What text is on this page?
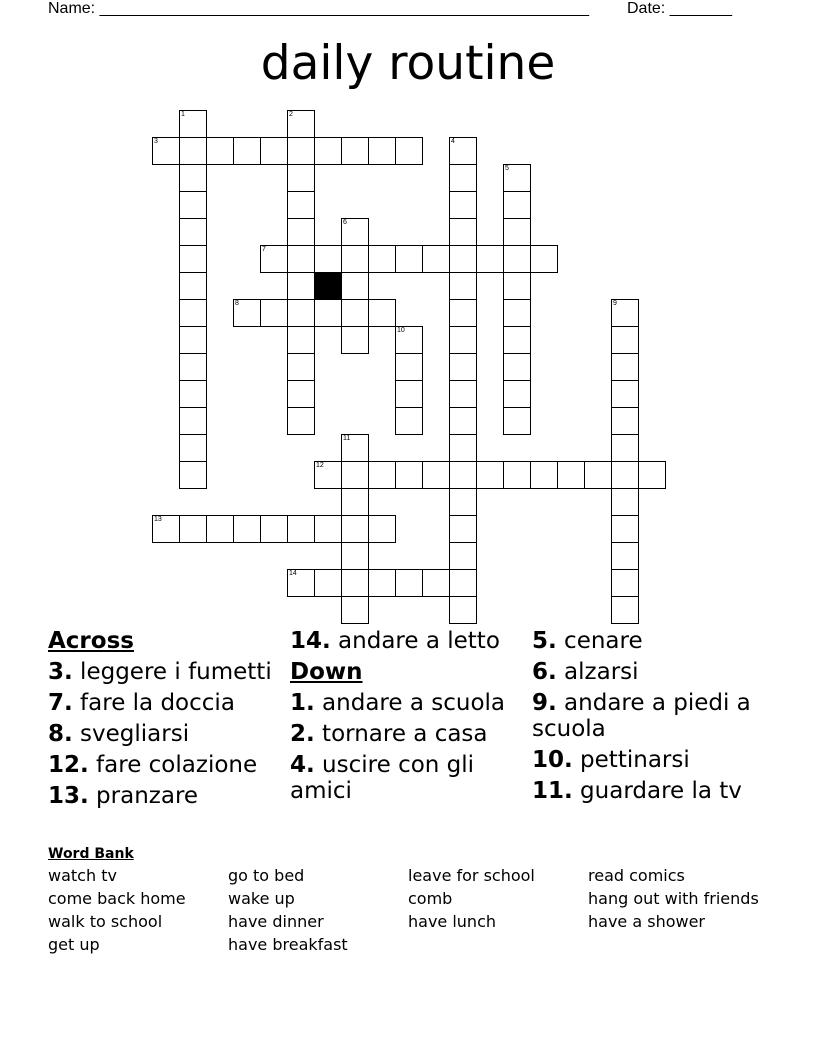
Name: _______________________________________________________ Date: _______
daily routine
3
7
8
12
13
14
1	2
4
5
6
9
10
11
Across
3. leggere i fumetti
7. fare la doccia
8. svegliarsi
12. fare colazione
13. pranzare
14. andare a letto
Down
1. andare a scuola
2. tornare a casa
4. uscire con gli amici
5. cenare
6. alzarsi
9. andare a piedi a scuola
10. pettinarsi
11. guardare la tv
Word Bank
watch tv	go to bed	leave for school	read comics
come back home	wake up	comb	hang out with friends
walk to school	have dinner	have lunch	have a shower
get up	have breakfast
